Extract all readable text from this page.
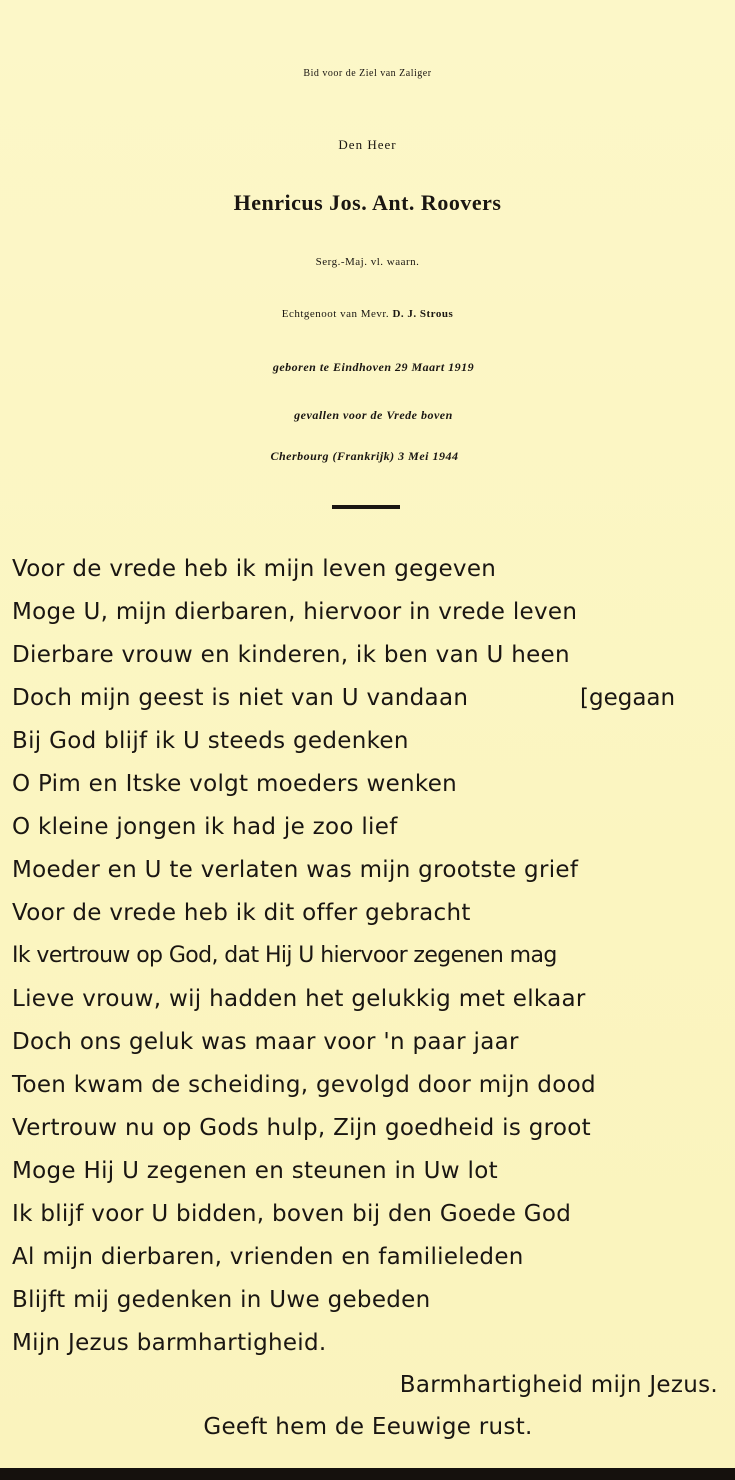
Bid voor de Ziel van Zaliger
Den Heer
Henricus Jos. Ant. Roovers
Serg.-Maj. vl. waarn.
Echtgenoot van Mevr. D. J. Strous
geboren te Eindhoven 29 Maart 1919
gevallen voor de Vrede boven
Cherbourg (Frankrijk) 3 Mei 1944
Voor de vrede heb ik mijn leven gegeven
Moge U, mijn dierbaren, hiervoor in vrede leven
Dierbare vrouw en kinderen, ik ben van U heen
Doch mijn geest is niet van U vandaan	[gegaan
Bij God blijf ik U steeds gedenken
O Pim en Itske volgt moeders wenken
O kleine jongen ik had je zoo lief
Moeder en U te verlaten was mijn grootste grief
Voor de vrede heb ik dit offer gebracht
Ik vertrouw op God, dat Hij U hiervoor zegenen mag
Lieve vrouw, wij hadden het gelukkig met elkaar
Doch ons geluk was maar voor 'n paar jaar
Toen kwam de scheiding, gevolgd door mijn dood
Vertrouw nu op Gods hulp, Zijn goedheid is groot
Moge Hij U zegenen en steunen in Uw lot
Ik blijf voor U bidden, boven bij den Goede God
Al mijn dierbaren, vrienden en familieleden
Blijft mij gedenken in Uwe gebeden
Mijn Jezus barmhartigheid.
Barmhartigheid mijn Jezus.
Geeft hem de Eeuwige rust.
